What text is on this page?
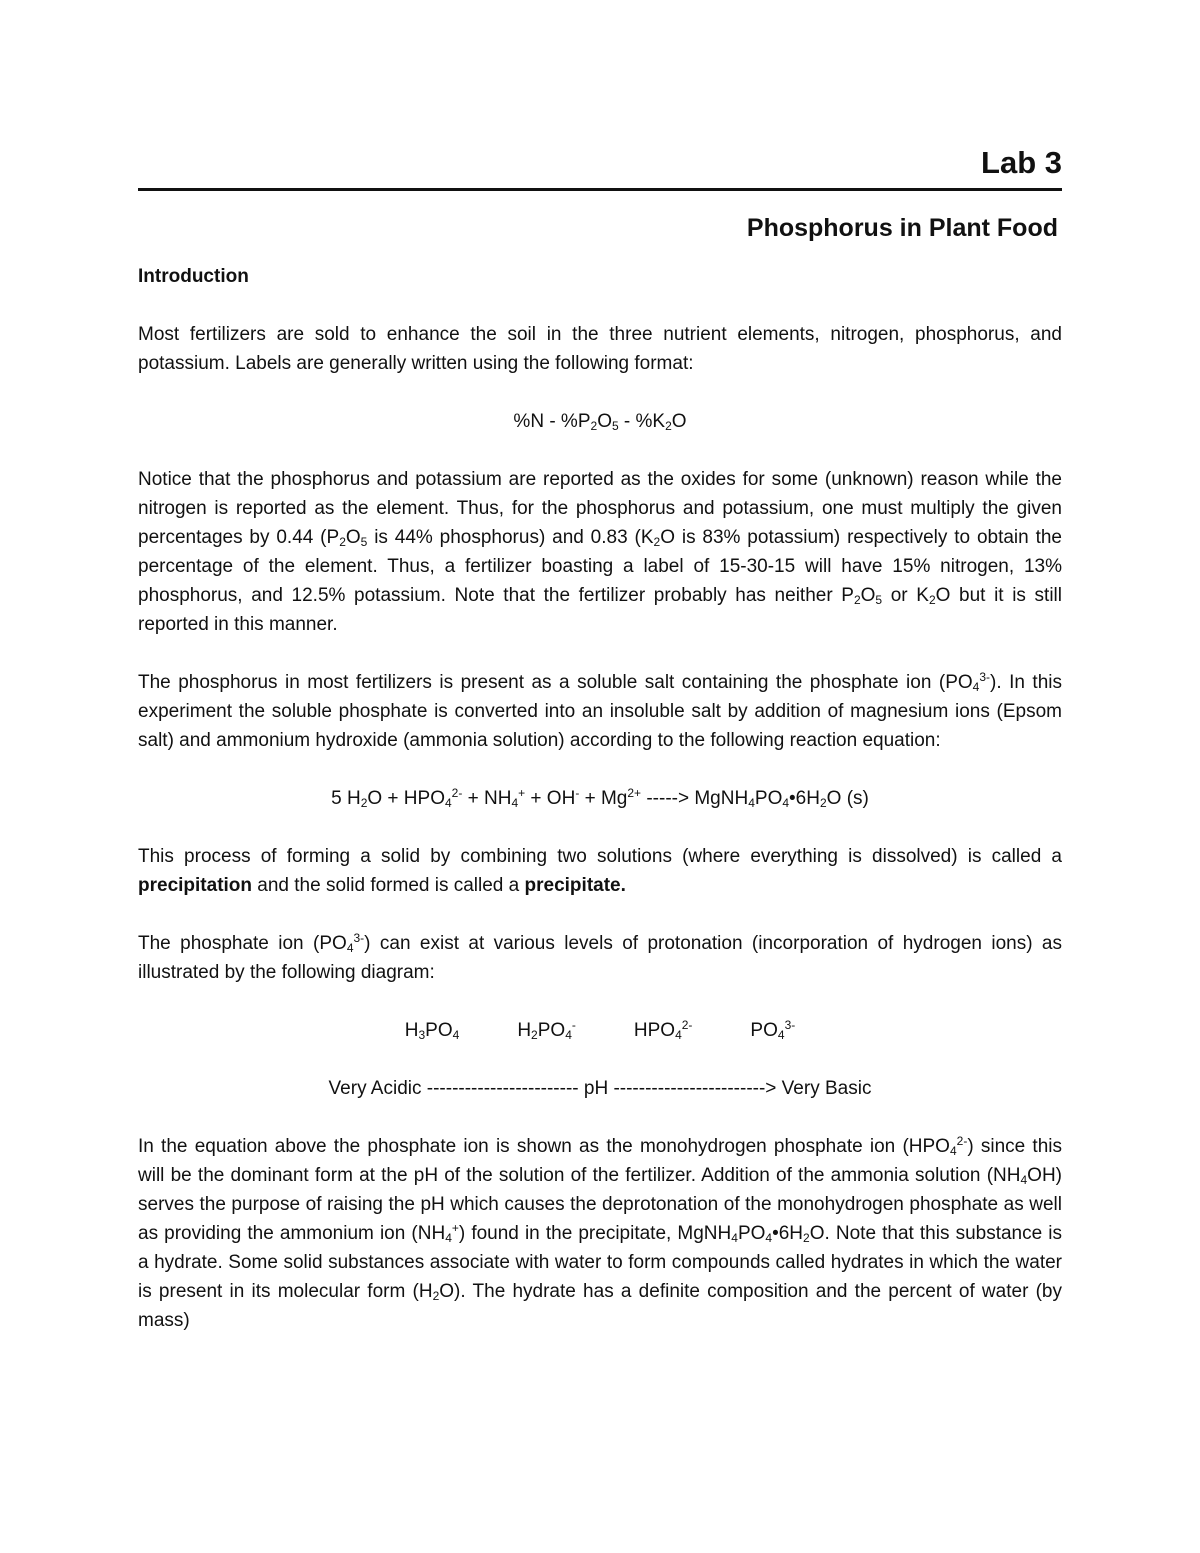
Lab 3
Phosphorus in Plant Food

Introduction

Most fertilizers are sold to enhance the soil in the three nutrient elements, nitrogen, phosphorus, and potassium. Labels are generally written using the following format:

$\%N - \%P_2O_5 - \%K_2O$

Notice that the phosphorus and potassium are reported as the oxides for some (unknown) reason while the nitrogen is reported as the element. Thus, for the phosphorus and potassium, one must multiply the given percentages by 0.44 ($P_2O_5$ is 44% phosphorus) and 0.83 ($K_2O$ is 83% potassium) respectively to obtain the percentage of the element. Thus, a fertilizer boasting a label of 15-30-15 will have 15% nitrogen, 13% phosphorus, and 12.5% potassium. Note that the fertilizer probably has neither $P_2O_5$ or $K_2O$ but it is still reported in this manner.

The phosphorus in most fertilizers is present as a soluble salt containing the phosphate ion $(PO_4^{3-})$. In this experiment the soluble phosphate is converted into an insoluble salt by addition of magnesium ions (Epsom salt) and ammonium hydroxide (ammonia solution) according to the following reaction equation:

5 $H_2O + HPO_4^{2-} + NH_4^+ + OH^- + Mg^{2+}$ -----> $MgNH_4PO_4•6H_2O$ (s)

This process of forming a solid by combining two solutions (where everything is dissolved) is called a precipitation and the solid formed is called a precipitate.

The phosphate ion $(PO_4^{3-})$ can exist at various levels of protonation (incorporation of hydrogen ions) as illustrated by the following diagram:

$H_3PO_4$	$H_2PO_4^-$	$HPO_4^{2-}$	$PO_4^{3-}$

Very Acidic ------------------------ pH ------------------------> Very Basic

In the equation above the phosphate ion is shown as the monohydrogen phosphate ion $(HPO_4^{2-})$ since this will be the dominant form at the pH of the solution of the fertilizer. Addition of the ammonia solution $(NH_4OH)$ serves the purpose of raising the pH which causes the deprotonation of the monohydrogen phosphate as well as providing the ammonium ion $(NH_4^+)$ found in the precipitate, $MgNH_4PO_4•6H_2O$. Note that this substance is a hydrate. Some solid substances associate with water to form compounds called hydrates in which the water is present in its molecular form $(H_2O)$. The hydrate has a definite composition and the percent of water (by mass)
